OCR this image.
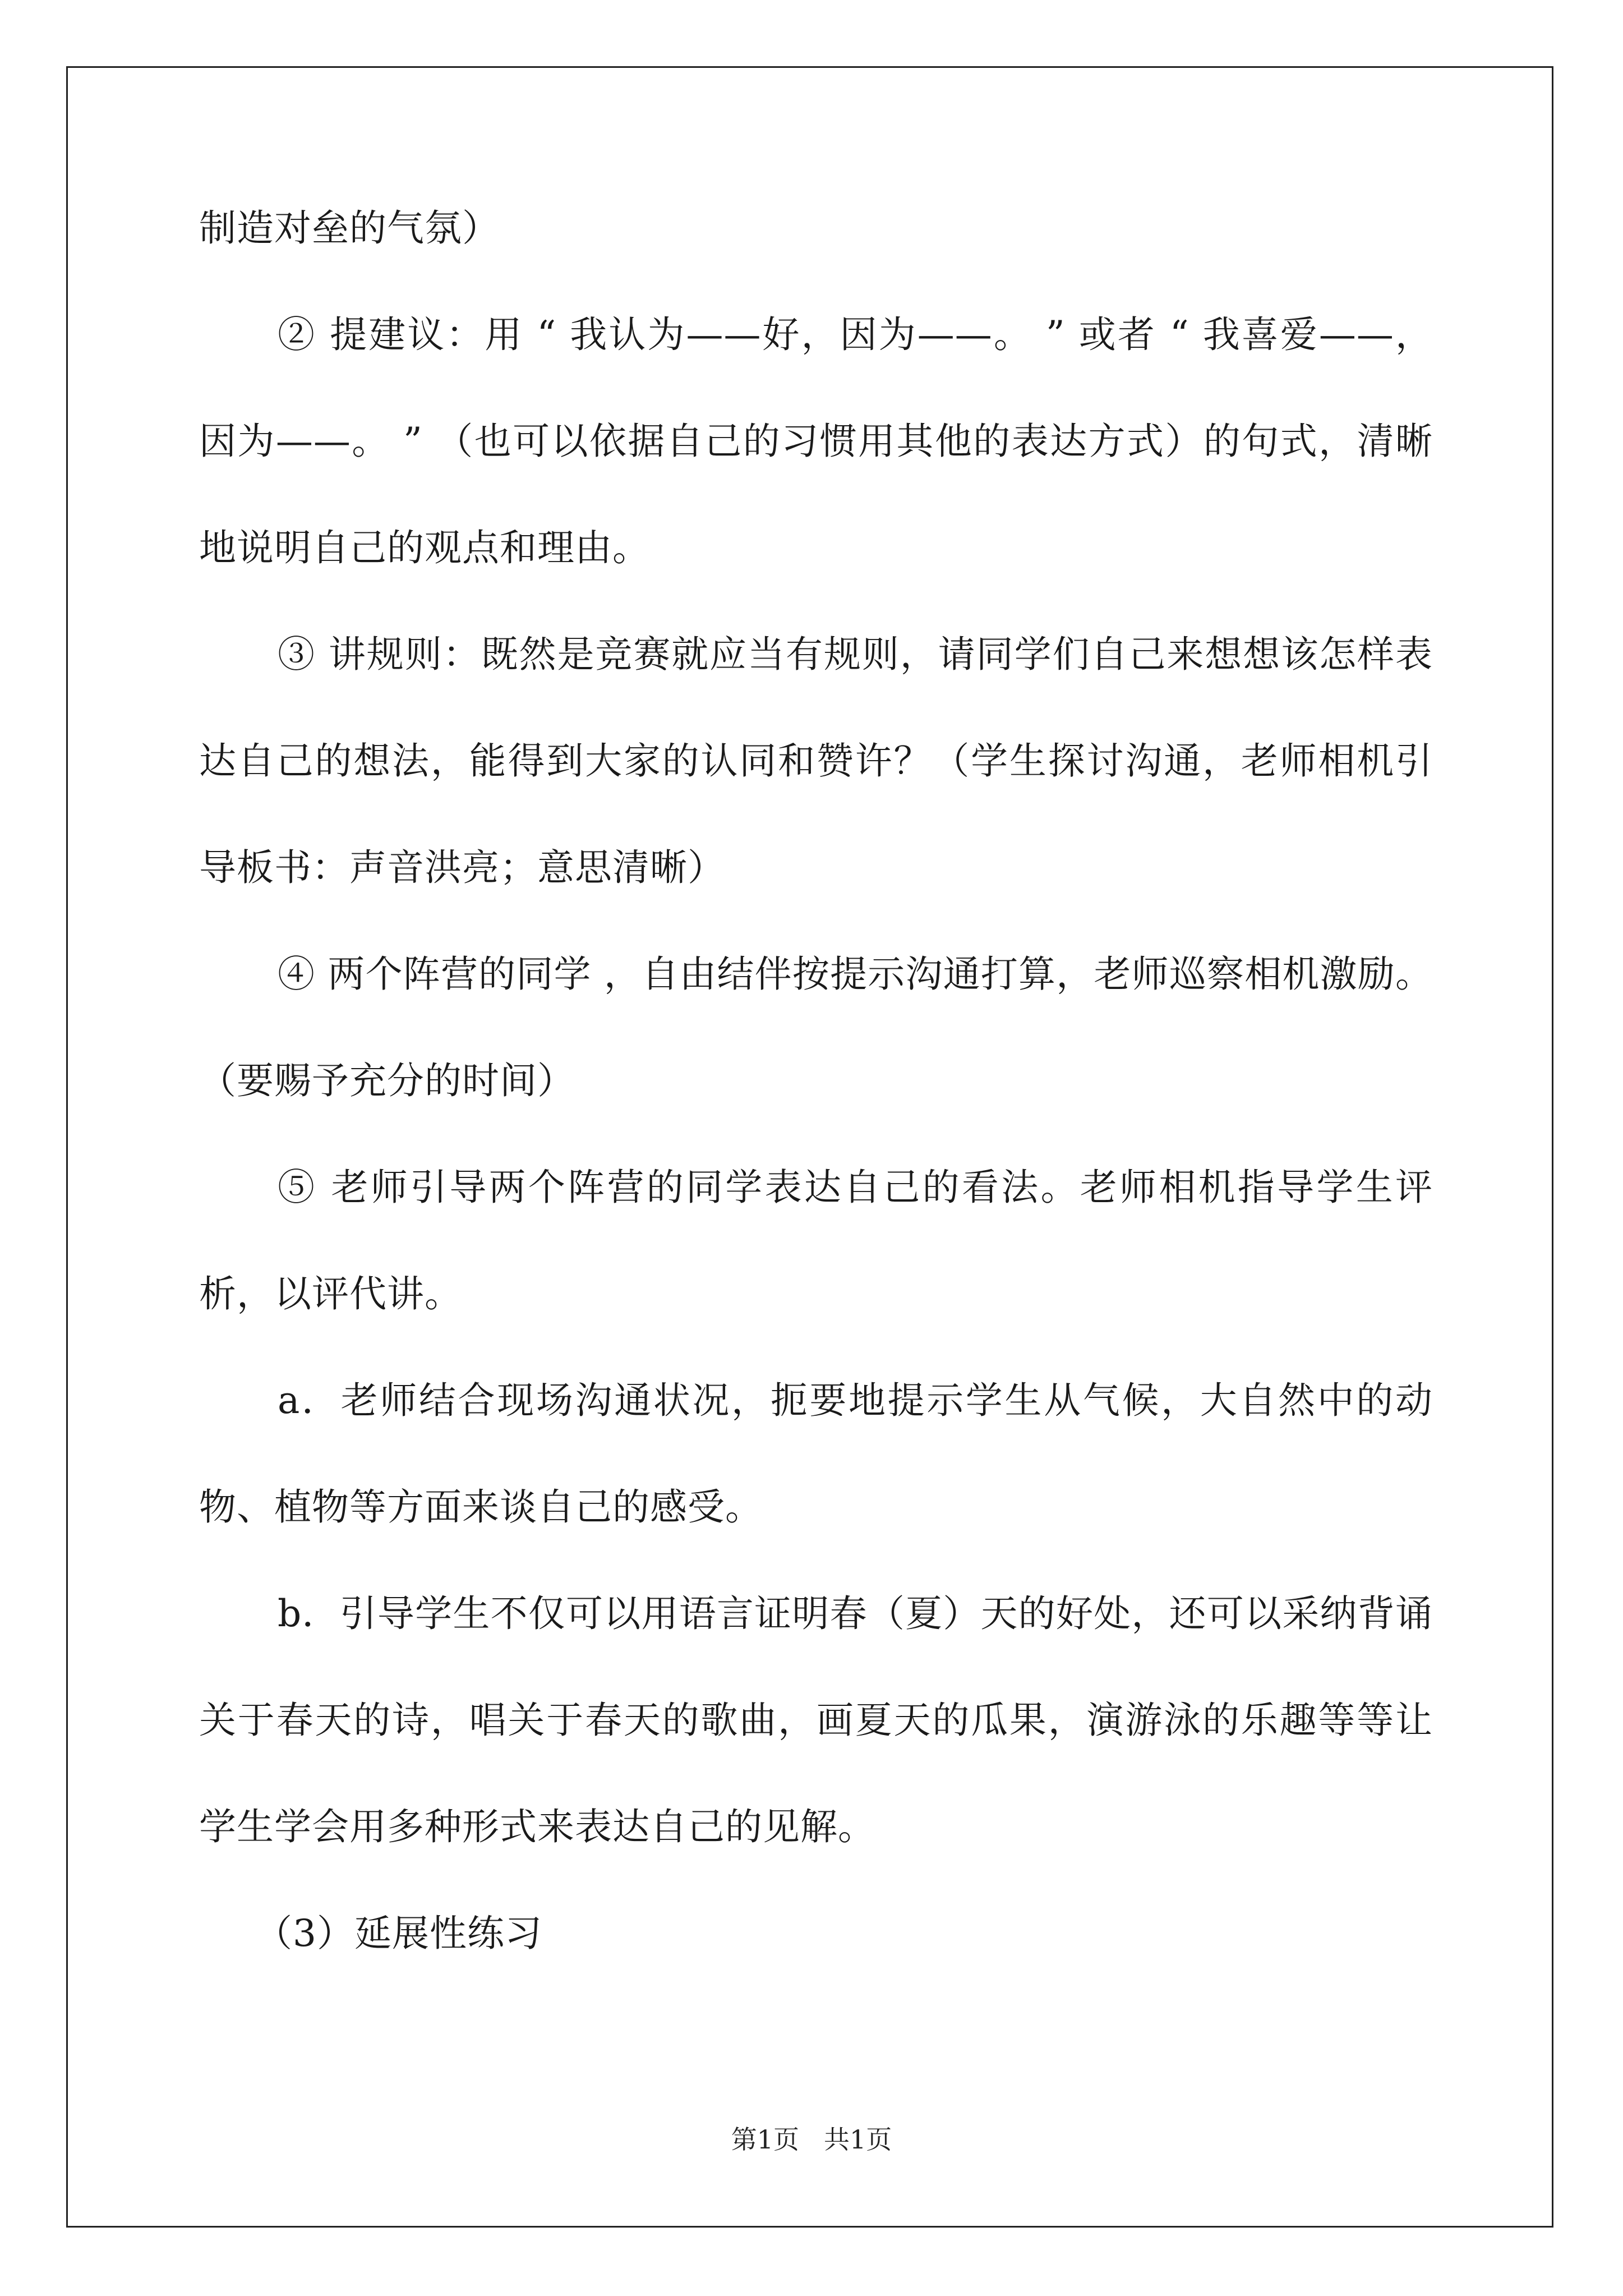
制造对垒的气氛）

② 提建议：用 “ 我认为——好，因为——。 ” 或者 “ 我喜爱——，因为——。 ” （也可以依据自己的习惯用其他的表达方式）的句式，清晰地说明自己的观点和理由。

③ 讲规则：既然是竞赛就应当有规则，请同学们自己来想想该怎样表达自己的想法，能得到大家的认同和赞许？（学生探讨沟通，老师相机引导板书：声音洪亮；意思清晰）

④ 两个阵营的同学 ，自由结伴按提示沟通打算，老师巡察相机激励。（要赐予充分的时间）

⑤ 老师引导两个阵营的同学表达自己的看法。老师相机指导学生评析，以评代讲。

a．老师结合现场沟通状况，扼要地提示学生从气候，大自然中的动物、植物等方面来谈自己的感受。

b．引导学生不仅可以用语言证明春（夏）天的好处，还可以采纳背诵关于春天的诗，唱关于春天的歌曲，画夏天的瓜果，演游泳的乐趣等等让学生学会用多种形式来表达自己的见解。

（3）延展性练习

第1页 共1页
